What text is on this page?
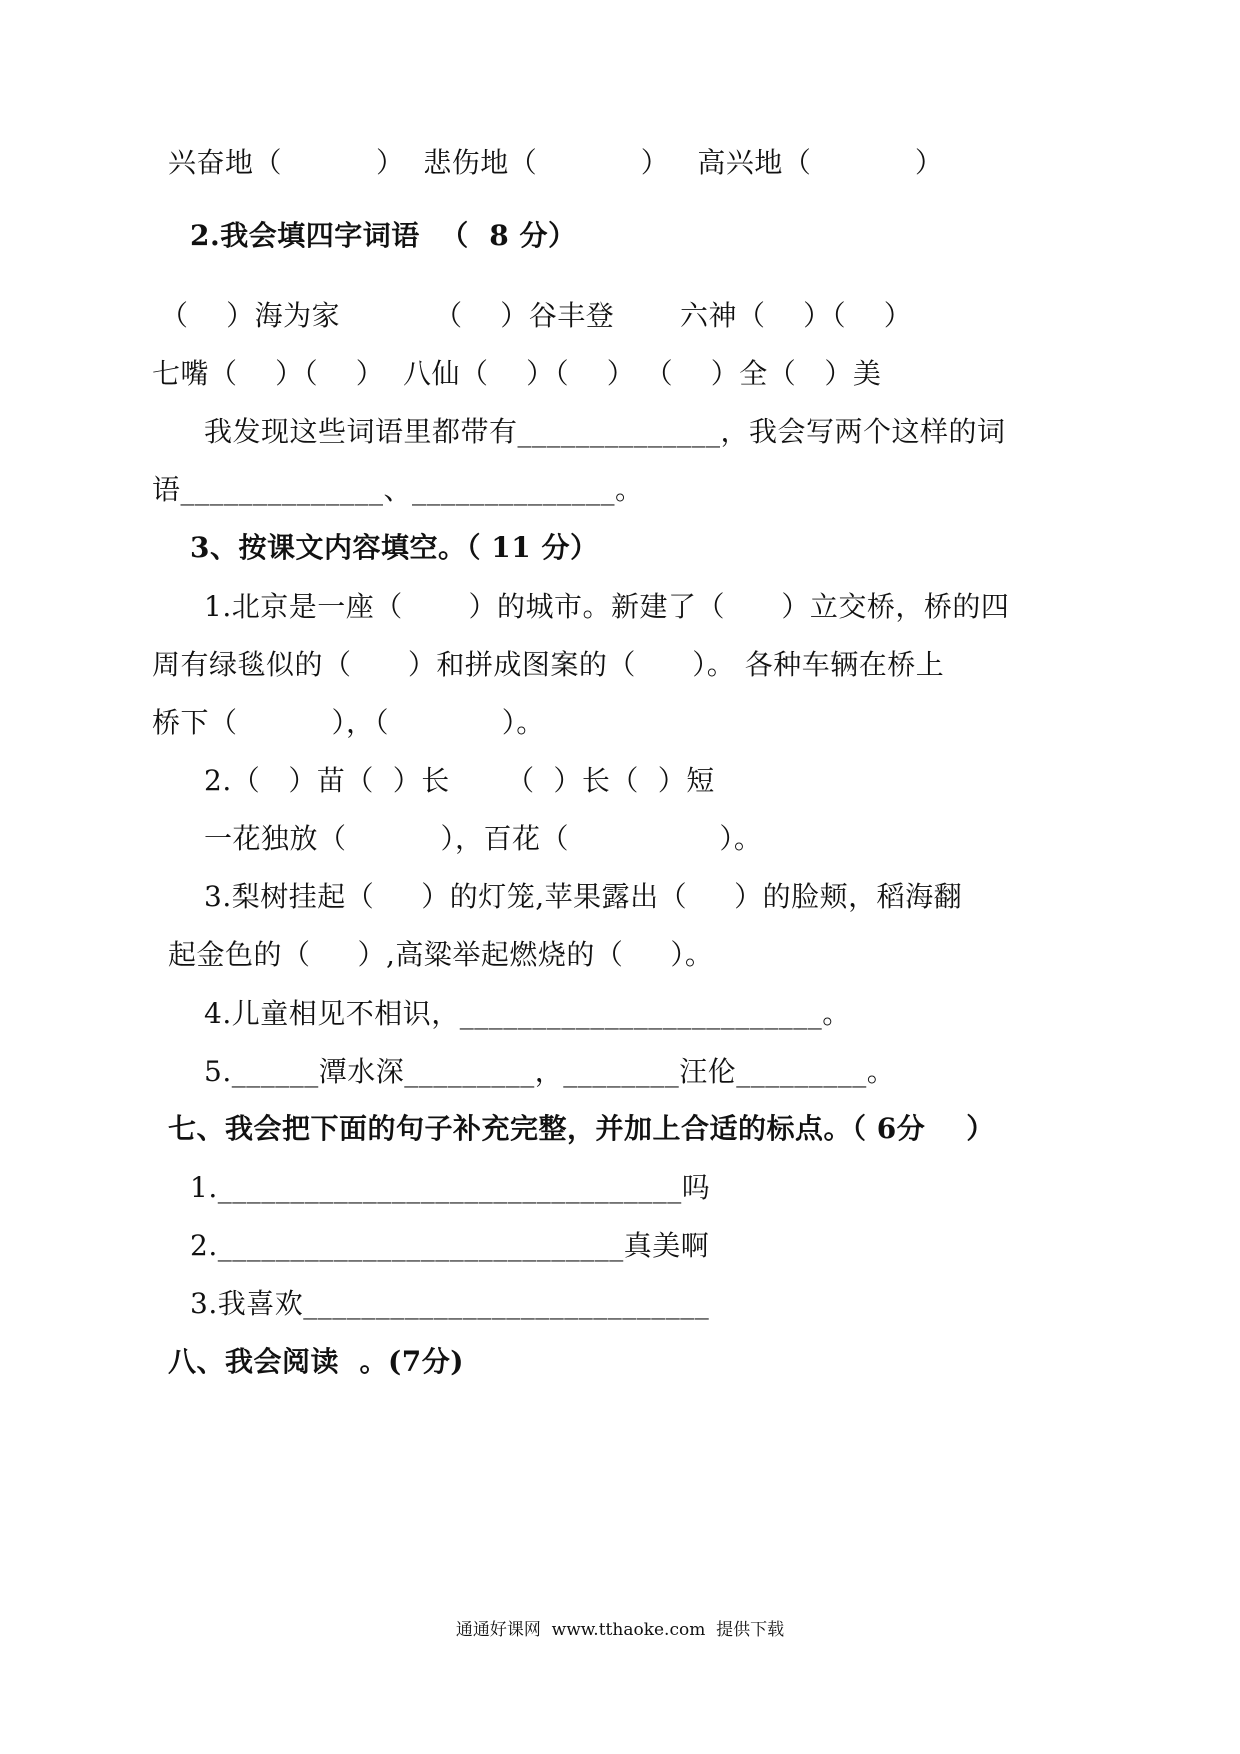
兴奋地（          ）  悲伤地（           ）   高兴地（           ）
2.我会填四字词语  （  8 分）
（    ）海为家          （    ）谷丰登       六神（    ）（    ）
七嘴（    ）（    ）  八仙（    ）（    ） （    ）全（   ）美
我发现这些词语里都带有______________，我会写两个这样的词
语______________、______________。
3、按课文内容填空。（ 11 分）
1.北京是一座（       ）的城市。新建了（      ）立交桥，桥的四
周有绿毯似的（      ）和拼成图案的（      ）。 各种车辆在桥上
桥下（          ），（            ）。
2.（   ）苗（  ）长      （  ）长（  ）短
一花独放（          ），百花（                ）。
3.梨树挂起（     ）的灯笼,苹果露出（     ）的脸颊，稻海翻
起金色的（     ）,高粱举起燃烧的（     ）。
4.儿童相见不相识，_________________________。
5.______潭水深_________，________汪伦_________。
七、我会把下面的句子补充完整，并加上合适的标点。（ 6分    ）
1.________________________________吗
2.____________________________真美啊
3.我喜欢____________________________
八、我会阅读  。(7分)
通通好课网  www.tthaoke.com  提供下载
